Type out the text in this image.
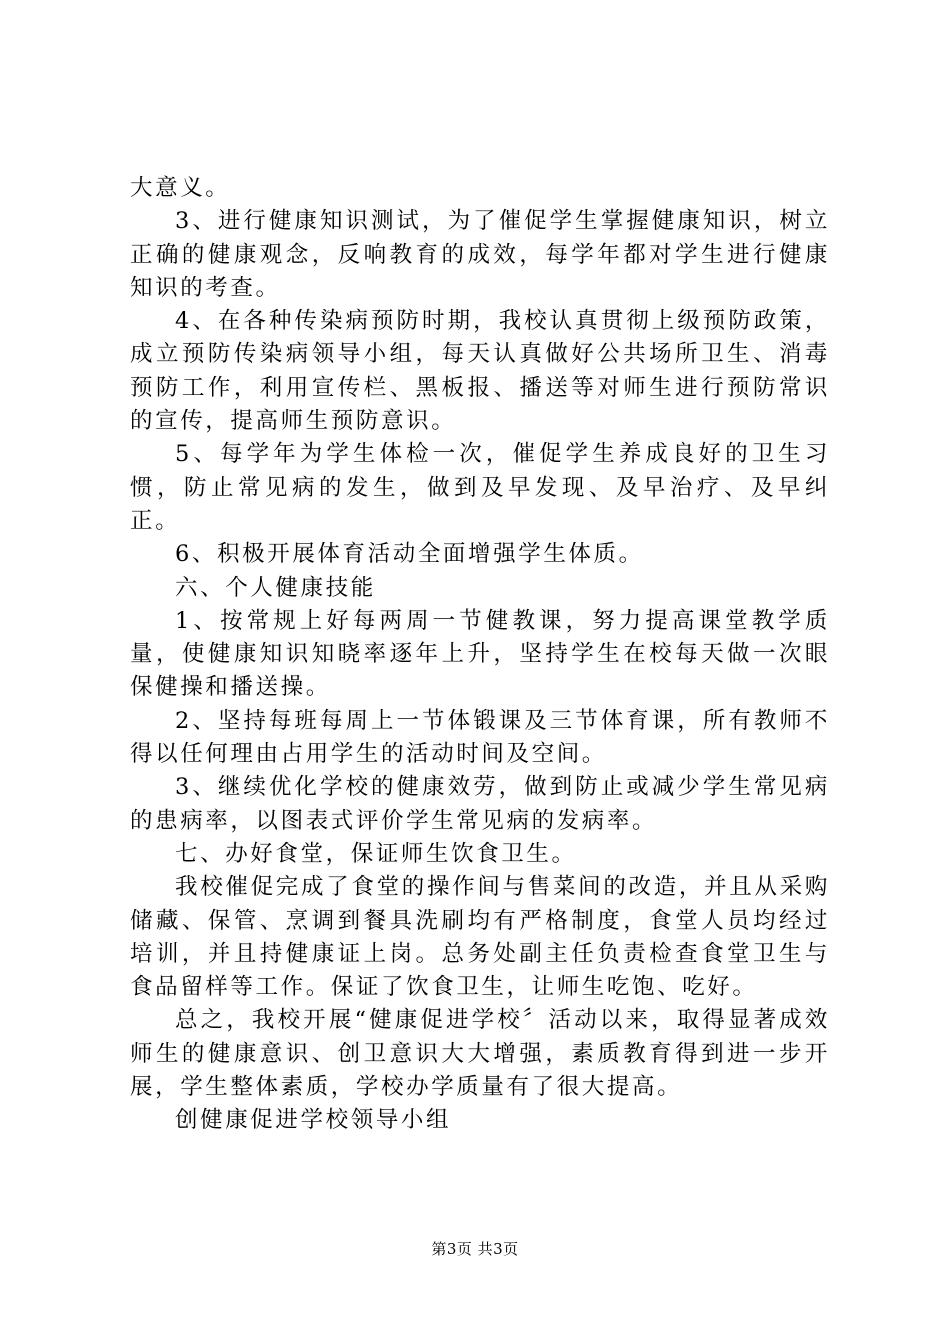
大意义。

3、进行健康知识测试，为了催促学生掌握健康知识，树立正确的健康观念，反响教育的成效，每学年都对学生进行健康知识的考查。

4、在各种传染病预防时期，我校认真贯彻上级预防政策，成立预防传染病领导小组，每天认真做好公共场所卫生、消毒预防工作，利用宣传栏、黑板报、播送等对师生进行预防常识的宣传，提高师生预防意识。

5、每学年为学生体检一次，催促学生养成良好的卫生习惯，防止常见病的发生，做到及早发现、及早治疗、及早纠正。

6、积极开展体育活动全面增强学生体质。

六、个人健康技能

1、按常规上好每两周一节健教课，努力提高课堂教学质量，使健康知识知晓率逐年上升，坚持学生在校每天做一次眼保健操和播送操。

2、坚持每班每周上一节体锻课及三节体育课，所有教师不得以任何理由占用学生的活动时间及空间。

3、继续优化学校的健康效劳，做到防止或减少学生常见病的患病率，以图表式评价学生常见病的发病率。

七、办好食堂，保证师生饮食卫生。

我校催促完成了食堂的操作间与售菜间的改造，并且从采购储藏、保管、烹调到餐具洗刷均有严格制度，食堂人员均经过培训，并且持健康证上岗。总务处副主任负责检查食堂卫生与食品留样等工作。保证了饮食卫生，让师生吃饱、吃好。

总之，我校开展“健康促进学校〞活动以来，取得显著成效师生的健康意识、创卫意识大大增强，素质教育得到进一步开展，学生整体素质，学校办学质量有了很大提高。

创健康促进学校领导小组

第3页 共3页
